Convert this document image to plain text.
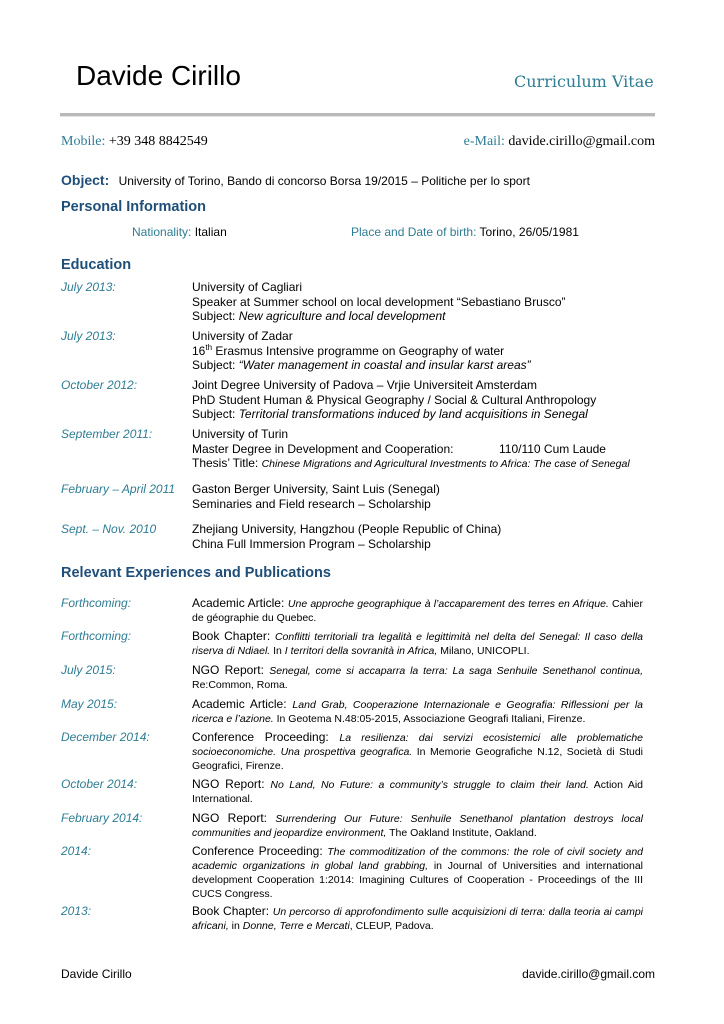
Davide Cirillo	Curriculum Vitae
Mobile: +39 348 8842549	e-Mail: davide.cirillo@gmail.com
Object: University of Torino, Bando di concorso Borsa 19/2015 – Politiche per lo sport
Personal Information
Nationality: Italian	Place and Date of birth: Torino, 26/05/1981
Education
July 2013:	University of Cagliari
Speaker at Summer school on local development “Sebastiano Brusco”
Subject: New agriculture and local development
July 2013:	University of Zadar
16th Erasmus Intensive programme on Geography of water
Subject: “Water management in coastal and insular karst areas”
October 2012:	Joint Degree University of Padova – Vrjie Universiteit Amsterdam
PhD Student Human & Physical Geography / Social & Cultural Anthropology
Subject: Territorial transformations induced by land acquisitions in Senegal
September 2011:	University of Turin
Master Degree in Development and Cooperation:	110/110 Cum Laude
Thesis’ Title: Chinese Migrations and Agricultural Investments to Africa: The case of Senegal
February – April 2011 Gaston Berger University, Saint Luis (Senegal)
Seminaries and Field research – Scholarship
Sept. – Nov. 2010	Zhejiang University, Hangzhou (People Republic of China)
China Full Immersion Program – Scholarship
Relevant Experiences and Publications
Forthcoming:	Academic Article: Une approche geographique à l’accaparement des terres en Afrique. Cahier de géographie du Quebec.
Forthcoming:	Book Chapter: Conflitti territoriali tra legalità e legittimità nel delta del Senegal: Il caso della riserva di Ndiael. In I territori della sovranità in Africa, Milano, UNICOPLI.
July 2015:	NGO Report: Senegal, come si accaparra la terra: La saga Senhuile Senethanol continua, Re:Common, Roma.
May 2015:	Academic Article: Land Grab, Cooperazione Internazionale e Geografia: Riflessioni per la ricerca e l’azione. In Geotema N.48:05-2015, Associazione Geografi Italiani, Firenze.
December 2014:	Conference Proceeding: La resilienza: dai servizi ecosistemici alle problematiche socioeconomiche. Una prospettiva geografica. In Memorie Geografiche N.12, Società di Studi Geografici, Firenze.
October 2014:	NGO Report: No Land, No Future: a community’s struggle to claim their land. Action Aid International.
February 2014:	NGO Report: Surrendering Our Future: Senhuile Senethanol plantation destroys local communities and jeopardize environment, The Oakland Institute, Oakland.
2014:	Conference Proceeding: The commoditization of the commons: the role of civil society and academic organizations in global land grabbing, in Journal of Universities and international development Cooperation 1:2014: Imagining Cultures of Cooperation - Proceedings of the III CUCS Congress.
2013:	Book Chapter: Un percorso di approfondimento sulle acquisizioni di terra: dalla teoria ai campi africani, in Donne, Terre e Mercati, CLEUP, Padova.
Davide Cirillo	davide.cirillo@gmail.com
